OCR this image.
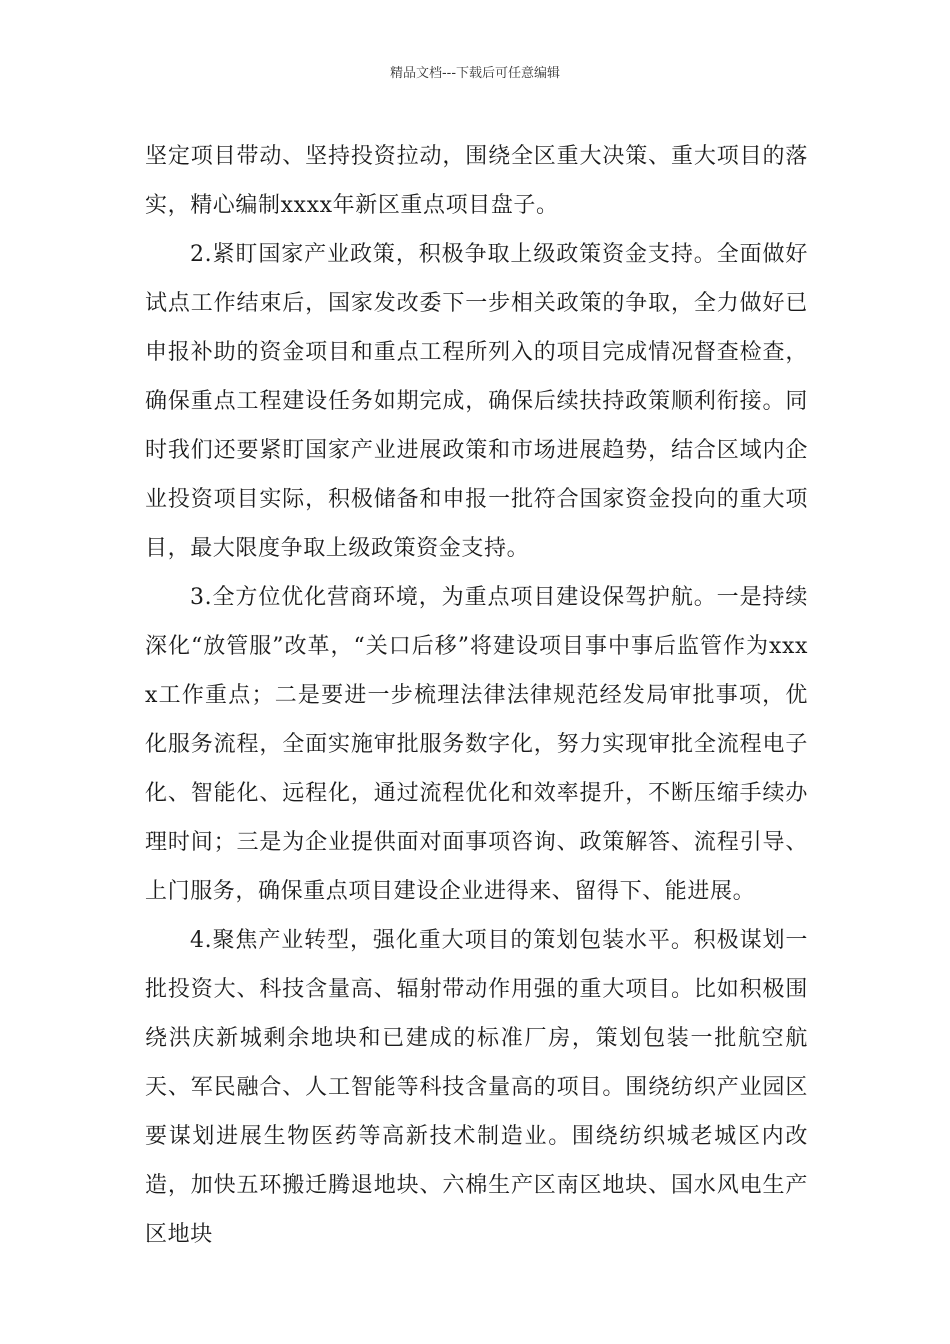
精品文档---下载后可任意编辑

坚定项目带动、坚持投资拉动，围绕全区重大决策、重大项目的落实，精心编制xxxx年新区重点项目盘子。

2.紧盯国家产业政策，积极争取上级政策资金支持。全面做好试点工作结束后，国家发改委下一步相关政策的争取，全力做好已申报补助的资金项目和重点工程所列入的项目完成情况督查检查，确保重点工程建设任务如期完成，确保后续扶持政策顺利衔接。同时我们还要紧盯国家产业进展政策和市场进展趋势，结合区域内企业投资项目实际，积极储备和申报一批符合国家资金投向的重大项目，最大限度争取上级政策资金支持。

3.全方位优化营商环境，为重点项目建设保驾护航。一是持续深化“放管服”改革，“关口后移”将建设项目事中事后监管作为xxxx工作重点；二是要进一步梳理法律法律规范经发局审批事项，优化服务流程，全面实施审批服务数字化，努力实现审批全流程电子化、智能化、远程化，通过流程优化和效率提升，不断压缩手续办理时间；三是为企业提供面对面事项咨询、政策解答、流程引导、上门服务，确保重点项目建设企业进得来、留得下、能进展。

4.聚焦产业转型，强化重大项目的策划包装水平。积极谋划一批投资大、科技含量高、辐射带动作用强的重大项目。比如积极围绕洪庆新城剩余地块和已建成的标准厂房，策划包装一批航空航天、军民融合、人工智能等科技含量高的项目。围绕纺织产业园区要谋划进展生物医药等高新技术制造业。围绕纺织城老城区内改造，加快五环搬迁腾退地块、六棉生产区南区地块、国水风电生产区地块
